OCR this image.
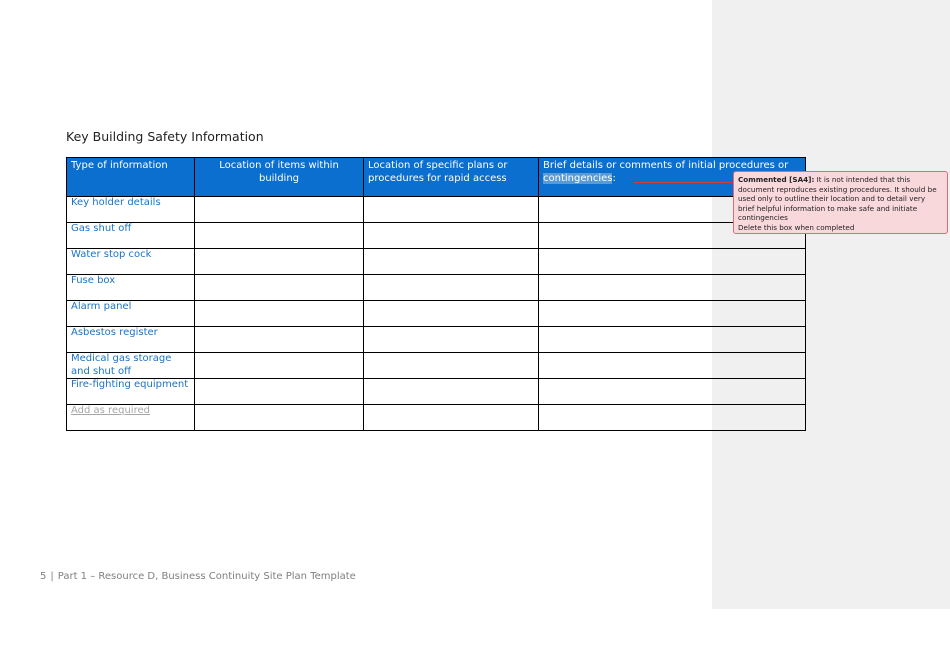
Key Building Safety Information
Type of information	Location of items within building	Location of specific plans or procedures for rapid access	Brief details or comments of initial procedures or contingencies:
Key holder details			
Gas shut off			
Water stop cock			
Fuse box			
Alarm panel			
Asbestos register			
Medical gas storage and shut off			
Fire-fighting equipment			
Add as required			
Commented [SA4]: It is not intended that this document reproduces existing procedures. It should be used only to outline their location and to detail very brief helpful information to make safe and initiate contingencies
Delete this box when completed
5 | Part 1 – Resource D, Business Continuity Site Plan Template
